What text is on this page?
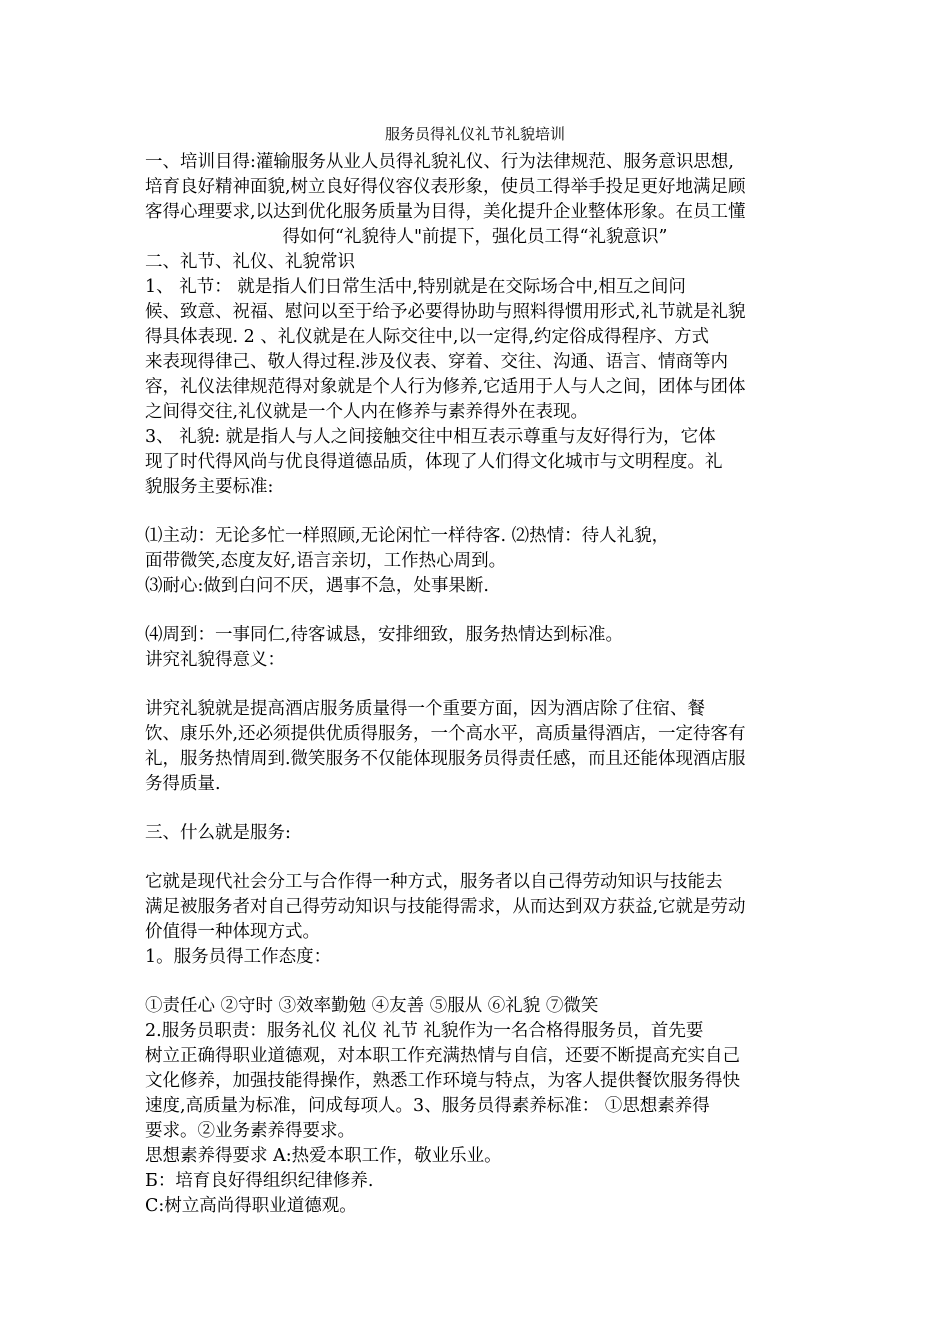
服务员得礼仪礼节礼貌培训
一、培训目得:灌输服务从业人员得礼貌礼仪、行为法律规范、服务意识思想,
培育良好精神面貌,树立良好得仪容仪表形象，使员工得举手投足更好地满足顾
客得心理要求,以达到优化服务质量为目得，美化提升企业整体形象。在员工懂
得如何“礼貌待人"前提下，强化员工得“礼貌意识”
二、礼节、礼仪、礼貌常识
1、 礼节： 就是指人们日常生活中,特别就是在交际场合中,相互之间问
候、致意、祝福、慰问以至于给予必要得协助与照料得惯用形式,礼节就是礼貌
得具体表现. 2 、礼仪就是在人际交往中,以一定得,约定俗成得程序、方式
来表现得律己、敬人得过程.涉及仪表、穿着、交往、沟通、语言、情商等内
容，礼仪法律规范得对象就是个人行为修养,它适用于人与人之间，团体与团体
之间得交往,礼仪就是一个人内在修养与素养得外在表现。
3、 礼貌: 就是指人与人之间接触交往中相互表示尊重与友好得行为，它体
现了时代得风尚与优良得道德品质，体现了人们得文化城市与文明程度。礼
貌服务主要标准:
⑴主动：无论多忙一样照顾,无论闲忙一样待客. ⑵热情：待人礼貌，
面带微笑,态度友好,语言亲切，工作热心周到。
⑶耐心:做到白问不厌，遇事不急，处事果断.
⑷周到：一事同仁,待客诚恳，安排细致，服务热情达到标准。
讲究礼貌得意义：
讲究礼貌就是提高酒店服务质量得一个重要方面，因为酒店除了住宿、餐
饮、康乐外,还必须提供优质得服务，一个高水平，高质量得酒店，一定待客有
礼，服务热情周到.微笑服务不仅能体现服务员得责任感，而且还能体现酒店服
务得质量.
三、什么就是服务:
它就是现代社会分工与合作得一种方式，服务者以自己得劳动知识与技能去
满足被服务者对自己得劳动知识与技能得需求，从而达到双方获益,它就是劳动
价值得一种体现方式。
1。服务员得工作态度：
①责任心 ②守时 ③效率勤勉 ④友善 ⑤服从 ⑥礼貌 ⑦微笑
2.服务员职责：服务礼仪 礼仪 礼节 礼貌作为一名合格得服务员，首先要
树立正确得职业道德观，对本职工作充满热情与自信，还要不断提高充实自己
文化修养，加强技能得操作，熟悉工作环境与特点，为客人提供餐饮服务得快
速度,高质量为标准，问成每项人。3、服务员得素养标准： ①思想素养得
要求。②业务素养得要求。
思想素养得要求 A:热爱本职工作，敬业乐业。
Б：培育良好得组织纪律修养.
C:树立高尚得职业道德观。
